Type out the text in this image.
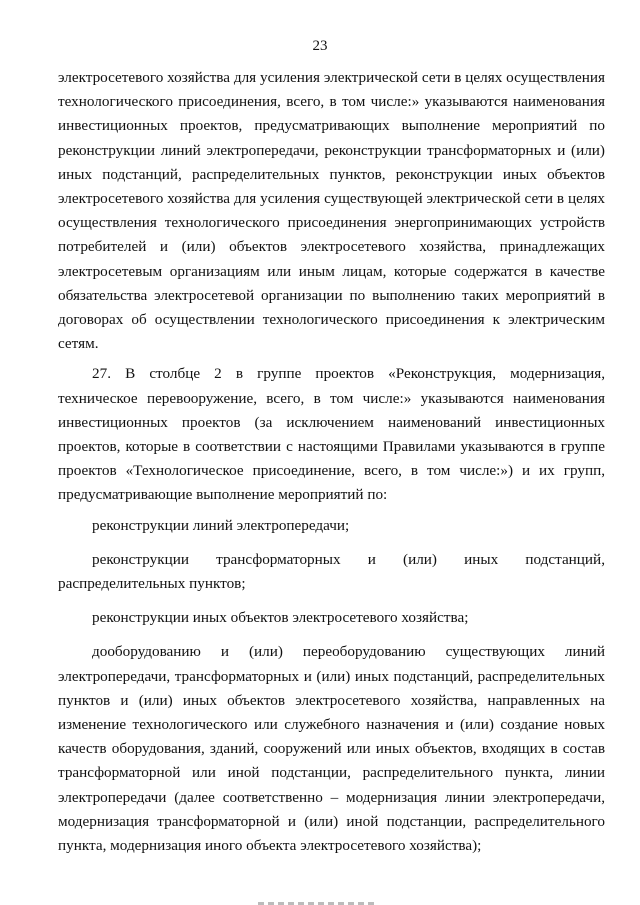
23

электросетевого хозяйства для усиления электрической сети в целях осуществления технологического присоединения, всего, в том числе:» указываются наименования инвестиционных проектов, предусматривающих выполнение мероприятий по реконструкции линий электропередачи, реконструкции трансформаторных и (или) иных подстанций, распределительных пунктов, реконструкции иных объектов электросетевого хозяйства для усиления существующей электрической сети в целях осуществления технологического присоединения энергопринимающих устройств потребителей и (или) объектов электросетевого хозяйства, принадлежащих электросетевым организациям или иным лицам, которые содержатся в качестве обязательства электросетевой организации по выполнению таких мероприятий в договорах об осуществлении технологического присоединения к электрическим сетям.

27. В столбце 2 в группе проектов «Реконструкция, модернизация, техническое перевооружение, всего, в том числе:» указываются наименования инвестиционных проектов (за исключением наименований инвестиционных проектов, которые в соответствии с настоящими Правилами указываются в группе проектов «Технологическое присоединение, всего, в том числе:») и их групп, предусматривающие выполнение мероприятий по:

реконструкции линий электропередачи;

реконструкции трансформаторных и (или) иных подстанций, распределительных пунктов;

реконструкции иных объектов электросетевого хозяйства;

дооборудованию и (или) переоборудованию существующих линий электропередачи, трансформаторных и (или) иных подстанций, распределительных пунктов и (или) иных объектов электросетевого хозяйства, направленных на изменение технологического или служебного назначения и (или) создание новых качеств оборудования, зданий, сооружений или иных объектов, входящих в состав трансформаторной или иной подстанции, распределительного пункта, линии электропередачи (далее соответственно – модернизация линии электропередачи, модернизация трансформаторной и (или) иной подстанции, распределительного пункта, модернизация иного объекта электросетевого хозяйства);
